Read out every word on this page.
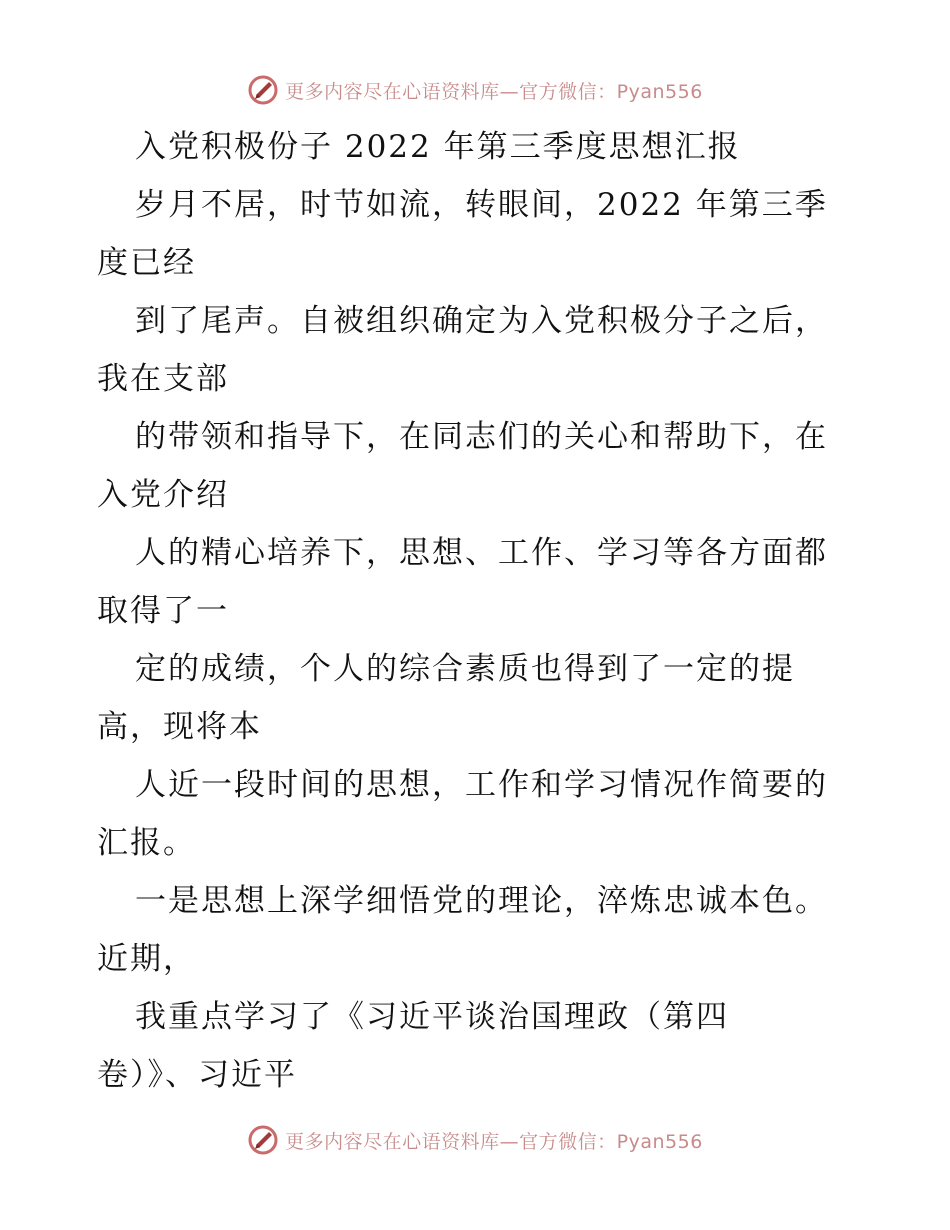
更多内容尽在心语资料库—官方微信：Pyan556
入党积极份子 2022 年第三季度思想汇报
岁月不居，时节如流，转眼间，2022 年第三季
度已经
到了尾声。自被组织确定为入党积极分子之后，
我在支部
的带领和指导下，在同志们的关心和帮助下，在
入党介绍
人的精心培养下，思想、工作、学习等各方面都
取得了一
定的成绩，个人的综合素质也得到了一定的提
高，现将本
人近一段时间的思想，工作和学习情况作简要的
汇报。
一是思想上深学细悟党的理论，淬炼忠诚本色。
近期，
我重点学习了《习近平谈治国理政（第四
卷）》、习近平
更多内容尽在心语资料库—官方微信：Pyan556
